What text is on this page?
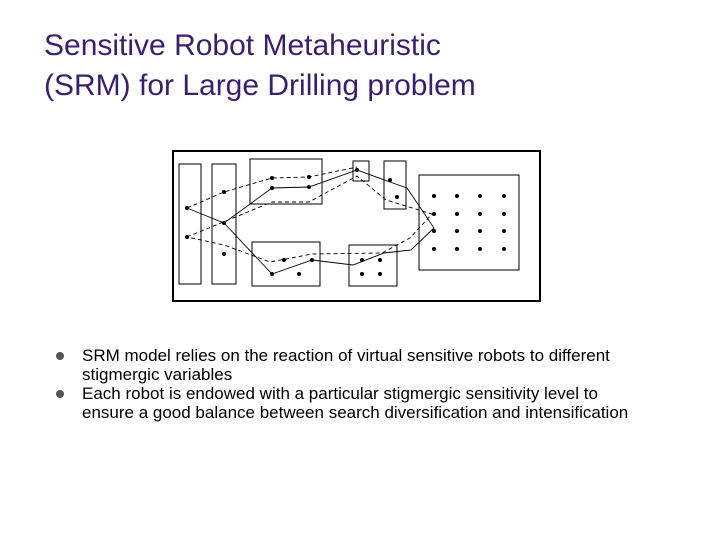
Sensitive Robot Metaheuristic
(SRM) for Large Drilling problem
SRM model relies on the reaction of virtual sensitive robots to different stigmergic variables
Each robot is endowed with a particular stigmergic sensitivity level to ensure a good balance between search diversification and intensification
